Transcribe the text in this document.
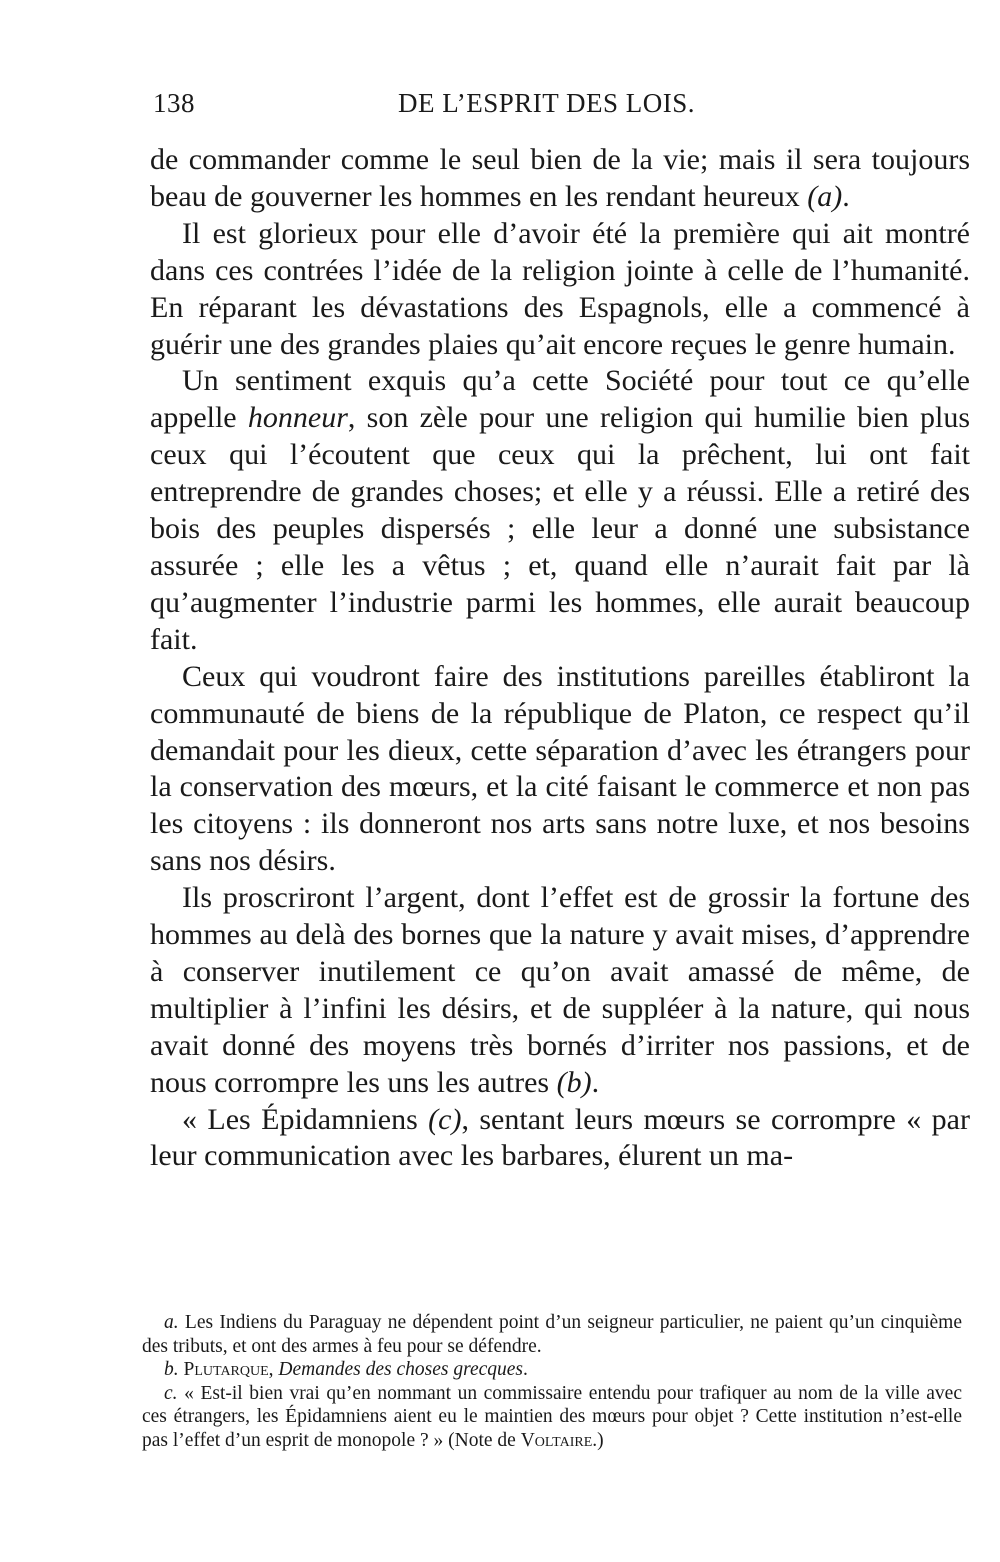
138	DE L’ESPRIT DES LOIS.

de commander comme le seul bien de la vie; mais il sera toujours beau de gouverner les hommes en les rendant heureux (a).

Il est glorieux pour elle d’avoir été la première qui ait montré dans ces contrées l’idée de la religion jointe à celle de l’humanité. En réparant les dévastations des Espagnols, elle a commencé à guérir une des grandes plaies qu’ait encore reçues le genre humain.

Un sentiment exquis qu’a cette Société pour tout ce qu’elle appelle honneur, son zèle pour une religion qui humilie bien plus ceux qui l’écoutent que ceux qui la prêchent, lui ont fait entreprendre de grandes choses; et elle y a réussi. Elle a retiré des bois des peuples dispersés ; elle leur a donné une subsistance assurée ; elle les a vêtus ; et, quand elle n’aurait fait par là qu’augmenter l’industrie parmi les hommes, elle aurait beaucoup fait.

Ceux qui voudront faire des institutions pareilles établiront la communauté de biens de la république de Platon, ce respect qu’il demandait pour les dieux, cette séparation d’avec les étrangers pour la conservation des mœurs, et la cité faisant le commerce et non pas les citoyens : ils donneront nos arts sans notre luxe, et nos besoins sans nos désirs.

Ils proscriront l’argent, dont l’effet est de grossir la fortune des hommes au delà des bornes que la nature y avait mises, d’apprendre à conserver inutilement ce qu’on avait amassé de même, de multiplier à l’infini les désirs, et de suppléer à la nature, qui nous avait donné des moyens très bornés d’irriter nos passions, et de nous corrompre les uns les autres (b).

« Les Épidamniens (c), sentant leurs mœurs se corrompre « par leur communication avec les barbares, élurent un ma-

a. Les Indiens du Paraguay ne dépendent point d’un seigneur particulier, ne paient qu’un cinquième des tributs, et ont des armes à feu pour se défendre.

b. Plutarque, Demandes des choses grecques.

c. « Est-il bien vrai qu’en nommant un commissaire entendu pour trafiquer au nom de la ville avec ces étrangers, les Épidamniens aient eu le maintien des mœurs pour objet ? Cette institution n’est-elle pas l’effet d’un esprit de monopole ? » (Note de Voltaire.)
